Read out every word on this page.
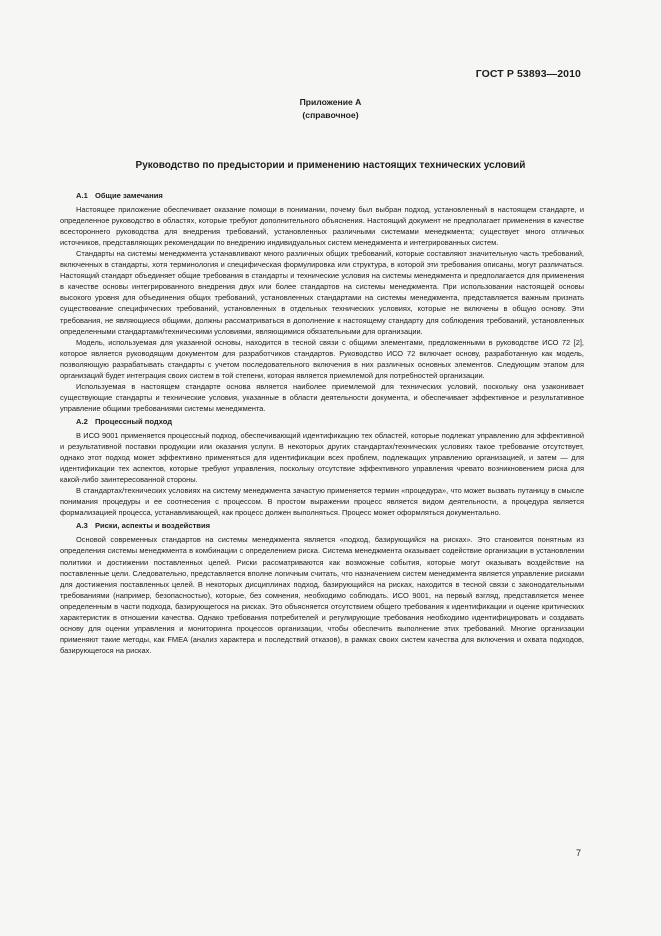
ГОСТ Р 53893—2010
Приложение А
(справочное)
Руководство по предыстории и применению настоящих технических условий
А.1 Общие замечания

Настоящее приложение обеспечивает оказание помощи в понимании, почему был выбран подход, установленный в настоящем стандарте, и определенное руководство в областях, которые требуют дополнительного объяснения. Настоящий документ не предполагает применения в качестве всестороннего руководства для внедрения требований, установленных различными системами менеджмента; существует много отличных источников, представляющих рекомендации по внедрению индивидуальных систем менеджмента и интегрированных систем.

Стандарты на системы менеджмента устанавливают много различных общих требований, которые составляют значительную часть требований, включенных в стандарты, хотя терминология и специфическая формулировка или структура, в которой эти требования описаны, могут различаться. Настоящий стандарт объединяет общие требования в стандарты и технические условия на системы менеджмента и предполагается для применения в качестве основы интегрированного внедрения двух или более стандартов на системы менеджмента. При использовании настоящей основы высокого уровня для объединения общих требований, установленных стандартами на системы менеджмента, представляется важным признать существование специфических требований, установленных в отдельных технических условиях, которые не включены в общую основу. Эти требования, не являющиеся общими, должны рассматриваться в дополнение к настоящему стандарту для соблюдения требований, установленных определенными стандартами/техническими условиями, являющимися обязательными для организации.

Модель, используемая для указанной основы, находится в тесной связи с общими элементами, предложенными в руководстве ИСО 72 [2], которое является руководящим документом для разработчиков стандартов. Руководство ИСО 72 включает основу, разработанную как модель, позволяющую разрабатывать стандарты с учетом последовательного включения в них различных основных элементов. Следующим этапом для организаций будет интеграция своих систем в той степени, которая является приемлемой для потребностей организации.

Используемая в настоящем стандарте основа является наиболее приемлемой для технических условий, поскольку она узаконивает существующие стандарты и технические условия, указанные в области деятельности документа, и обеспечивает эффективное и результативное управление общими требованиями системы менеджмента.

А.2 Процессный подход

В ИСО 9001 применяется процессный подход, обеспечивающий идентификацию тех областей, которые подлежат управлению для эффективной и результативной поставки продукции или оказания услуги. В некоторых других стандартах/технических условиях такое требование отсутствует, однако этот подход может эффективно применяться для идентификации всех проблем, подлежащих управлению организацией, и затем — для идентификации тех аспектов, которые требуют управления, поскольку отсутствие эффективного управления чревато возникновением риска для какой-либо заинтересованной стороны.

В стандартах/технических условиях на систему менеджмента зачастую применяется термин «процедура», что может вызвать путаницу в смысле понимания процедуры и ее соотнесения с процессом. В простом выражении процесс является видом деятельности, а процедура является формализацией процесса, устанавливающей, как процесс должен выполняться. Процесс может оформляться документально.

А.3 Риски, аспекты и воздействия

Основой современных стандартов на системы менеджмента является «подход, базирующийся на рисках». Это становится понятным из определения системы менеджмента в комбинации с определением риска. Система менеджмента оказывает содействие организации в установлении политики и достижении поставленных целей. Риски рассматриваются как возможные события, которые могут оказывать воздействие на поставленные цели. Следовательно, представляется вполне логичным считать, что назначением систем менеджмента является управление рисками для достижения поставленных целей. В некоторых дисциплинах подход, базирующийся на рисках, находится в тесной связи с законодательными требованиями (например, безопасностью), которые, без сомнения, необходимо соблюдать. ИСО 9001, на первый взгляд, представляется менее определенным в части подхода, базирующегося на рисках. Это объясняется отсутствием общего требования к идентификации и оценке критических характеристик в отношении качества. Однако требования потребителей и регулирующие требования необходимо идентифицировать и создавать основу для оценки управления и мониторинга процессов организации, чтобы обеспечить выполнение этих требований. Многие организации применяют такие методы, как FMEA (анализ характера и последствий отказов), в рамках своих систем качества для включения и охвата подходов, базирующегося на рисках.

7
